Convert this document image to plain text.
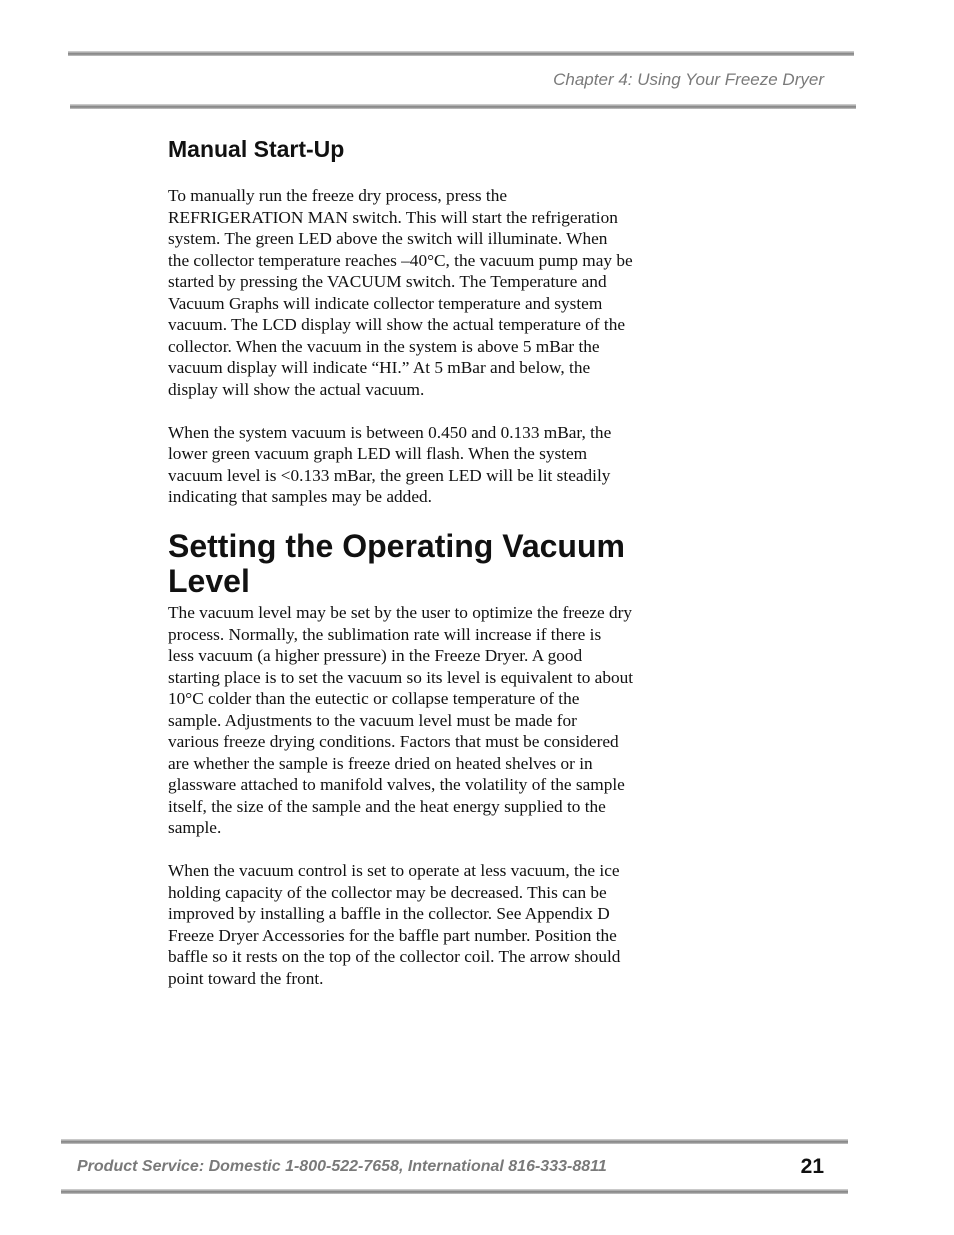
Chapter 4: Using Your Freeze Dryer
Manual Start-Up

To manually run the freeze dry process, press the
REFRIGERATION MAN switch. This will start the refrigeration
system. The green LED above the switch will illuminate. When
the collector temperature reaches –40°C, the vacuum pump may be
started by pressing the VACUUM switch. The Temperature and
Vacuum Graphs will indicate collector temperature and system
vacuum. The LCD display will show the actual temperature of the
collector. When the vacuum in the system is above 5 mBar the
vacuum display will indicate “HI.” At 5 mBar and below, the
display will show the actual vacuum.

When the system vacuum is between 0.450 and 0.133 mBar, the
lower green vacuum graph LED will flash. When the system
vacuum level is <0.133 mBar, the green LED will be lit steadily
indicating that samples may be added.

Setting the Operating Vacuum
Level

The vacuum level may be set by the user to optimize the freeze dry
process. Normally, the sublimation rate will increase if there is
less vacuum (a higher pressure) in the Freeze Dryer. A good
starting place is to set the vacuum so its level is equivalent to about
10°C colder than the eutectic or collapse temperature of the
sample. Adjustments to the vacuum level must be made for
various freeze drying conditions. Factors that must be considered
are whether the sample is freeze dried on heated shelves or in
glassware attached to manifold valves, the volatility of the sample
itself, the size of the sample and the heat energy supplied to the
sample.

When the vacuum control is set to operate at less vacuum, the ice
holding capacity of the collector may be decreased. This can be
improved by installing a baffle in the collector. See Appendix D
Freeze Dryer Accessories for the baffle part number. Position the
baffle so it rests on the top of the collector coil. The arrow should
point toward the front.

Product Service: Domestic 1-800-522-7658, International 816-333-8811	21
